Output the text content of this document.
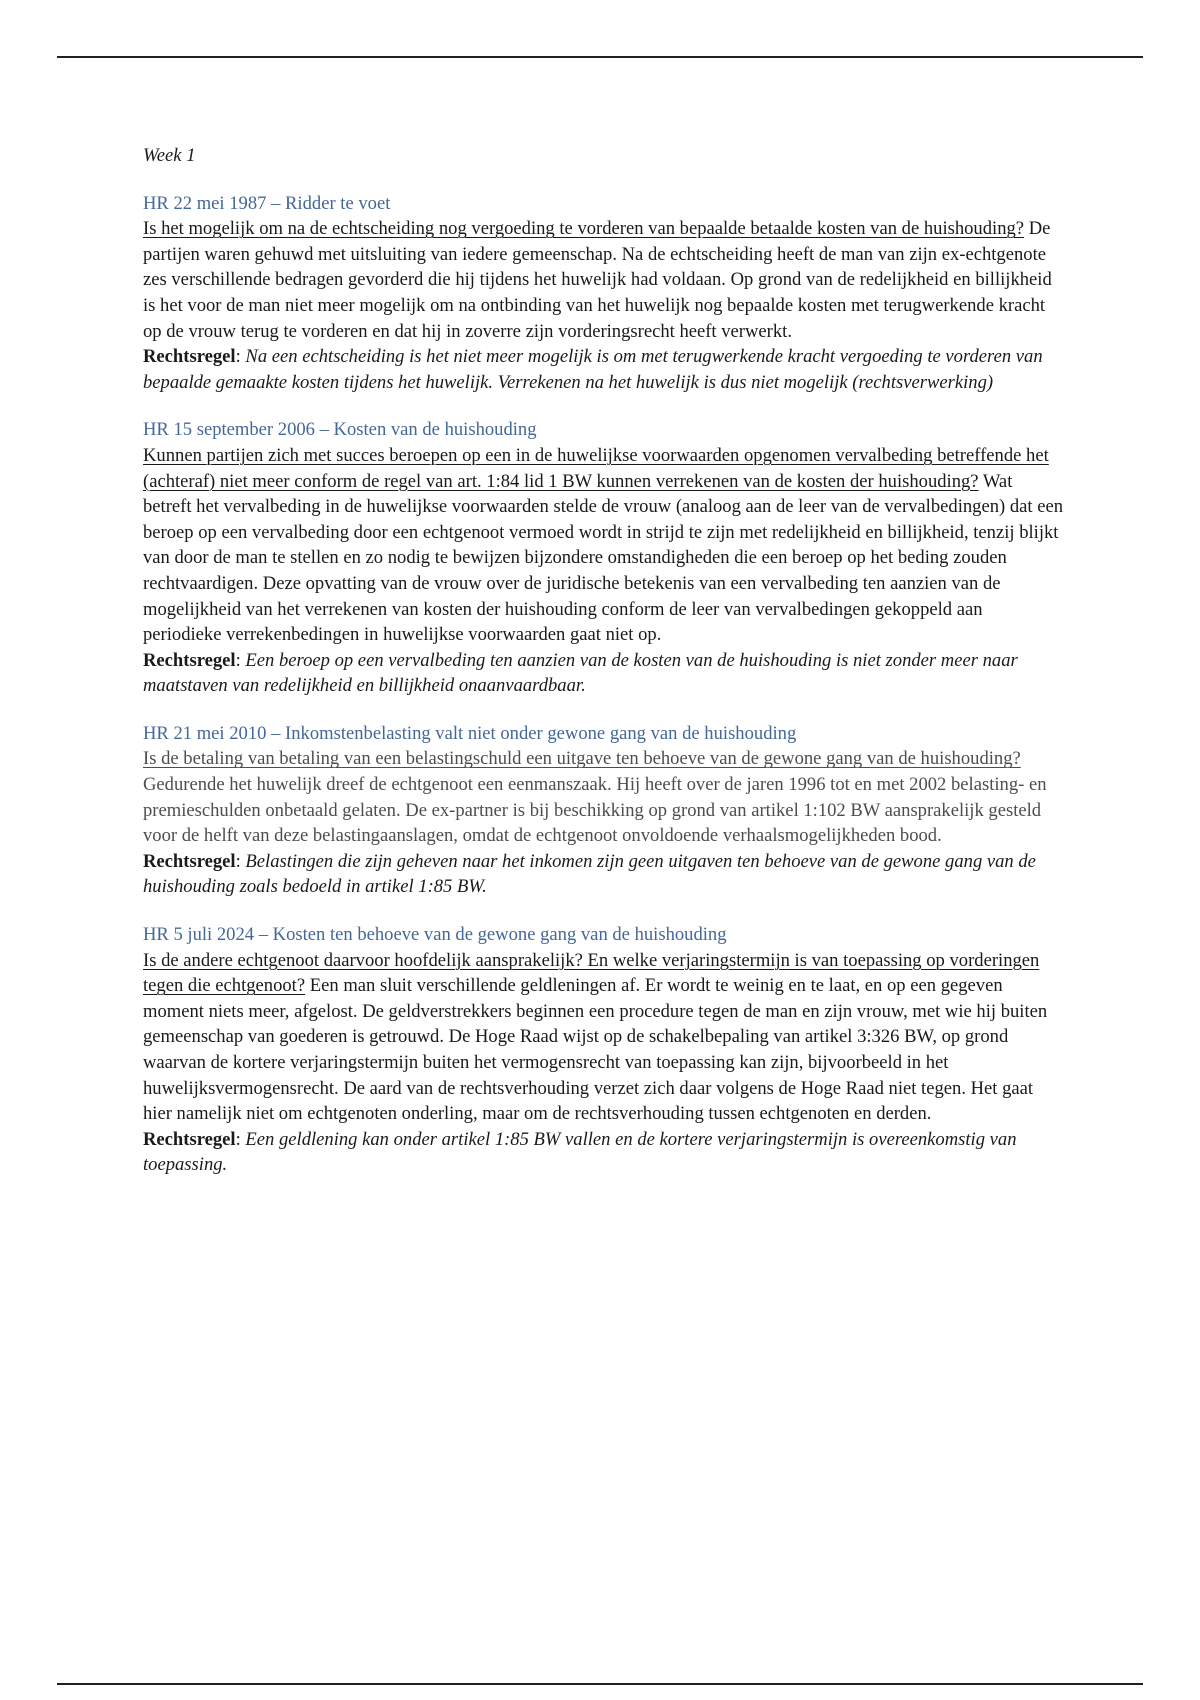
Week 1

HR 22 mei 1987 – Ridder te voet

Is het mogelijk om na de echtscheiding nog vergoeding te vorderen van bepaalde betaalde kosten van de huishouding? De partijen waren gehuwd met uitsluiting van iedere gemeenschap. Na de echtscheiding heeft de man van zijn ex-echtgenote zes verschillende bedragen gevorderd die hij tijdens het huwelijk had voldaan. Op grond van de redelijkheid en billijkheid is het voor de man niet meer mogelijk om na ontbinding van het huwelijk nog bepaalde kosten met terugwerkende kracht op de vrouw terug te vorderen en dat hij in zoverre zijn vorderingsrecht heeft verwerkt.
Rechtsregel: Na een echtscheiding is het niet meer mogelijk is om met terugwerkende kracht vergoeding te vorderen van bepaalde gemaakte kosten tijdens het huwelijk. Verrekenen na het huwelijk is dus niet mogelijk (rechtsverwerking)

HR 15 september 2006 – Kosten van de huishouding

Kunnen partijen zich met succes beroepen op een in de huwelijkse voorwaarden opgenomen vervalbeding betreffende het (achteraf) niet meer conform de regel van art. 1:84 lid 1 BW kunnen verrekenen van de kosten der huishouding? Wat betreft het vervalbeding in de huwelijkse voorwaarden stelde de vrouw (analoog aan de leer van de vervalbedingen) dat een beroep op een vervalbeding door een echtgenoot vermoed wordt in strijd te zijn met redelijkheid en billijkheid, tenzij blijkt van door de man te stellen en zo nodig te bewijzen bijzondere omstandigheden die een beroep op het beding zouden rechtvaardigen. Deze opvatting van de vrouw over de juridische betekenis van een vervalbeding ten aanzien van de mogelijkheid van het verrekenen van kosten der huishouding conform de leer van vervalbedingen gekoppeld aan periodieke verrekenbedingen in huwelijkse voorwaarden gaat niet op.
Rechtsregel: Een beroep op een vervalbeding ten aanzien van de kosten van de huishouding is niet zonder meer naar maatstaven van redelijkheid en billijkheid onaanvaardbaar.

HR 21 mei 2010 – Inkomstenbelasting valt niet onder gewone gang van de huishouding

Is de betaling van betaling van een belastingschuld een uitgave ten behoeve van de gewone gang van de huishouding? Gedurende het huwelijk dreef de echtgenoot een eenmanszaak. Hij heeft over de jaren 1996 tot en met 2002 belasting- en premieschulden onbetaald gelaten. De ex-partner is bij beschikking op grond van artikel 1:102 BW aansprakelijk gesteld voor de helft van deze belastingaanslagen, omdat de echtgenoot onvoldoende verhaalsmogelijkheden bood.
Rechtsregel: Belastingen die zijn geheven naar het inkomen zijn geen uitgaven ten behoeve van de gewone gang van de huishouding zoals bedoeld in artikel 1:85 BW.

HR 5 juli 2024 – Kosten ten behoeve van de gewone gang van de huishouding

Is de andere echtgenoot daarvoor hoofdelijk aansprakelijk? En welke verjaringstermijn is van toepassing op vorderingen tegen die echtgenoot? Een man sluit verschillende geldleningen af. Er wordt te weinig en te laat, en op een gegeven moment niets meer, afgelost. De geldverstrekkers beginnen een procedure tegen de man en zijn vrouw, met wie hij buiten gemeenschap van goederen is getrouwd. De Hoge Raad wijst op de schakelbepaling van artikel 3:326 BW, op grond waarvan de kortere verjaringstermijn buiten het vermogensrecht van toepassing kan zijn, bijvoorbeeld in het huwelijksvermogensrecht. De aard van de rechtsverhouding verzet zich daar volgens de Hoge Raad niet tegen. Het gaat hier namelijk niet om echtgenoten onderling, maar om de rechtsverhouding tussen echtgenoten en derden.
Rechtsregel: Een geldlening kan onder artikel 1:85 BW vallen en de kortere verjaringstermijn is overeenkomstig van toepassing.
